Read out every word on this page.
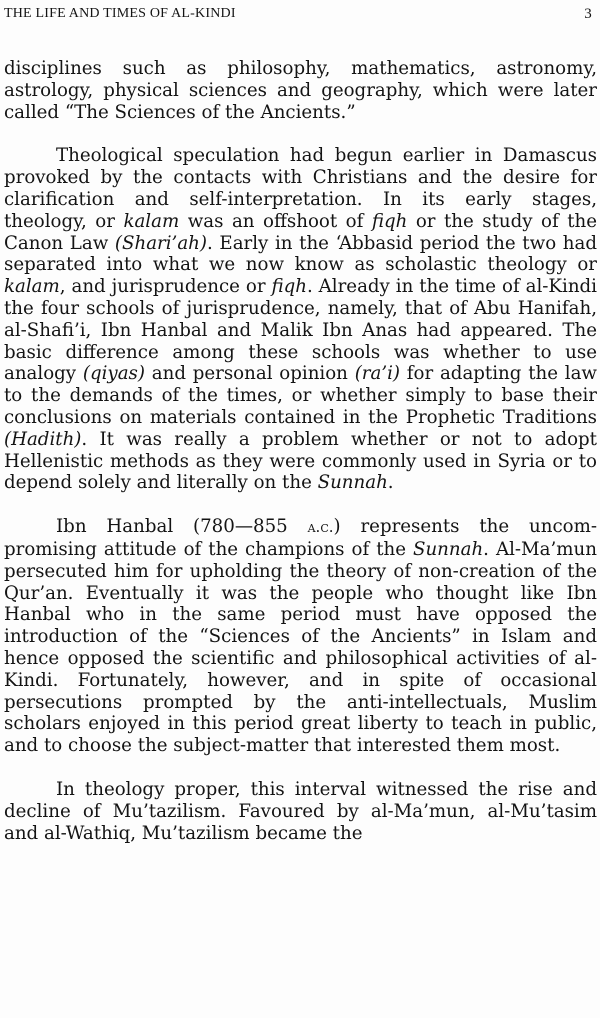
THE LIFE AND TIMES OF AL-KINDI	3

disciplines such as philosophy, mathematics, astronomy, astrology, physical sciences and geography, which were later called “The Sciences of the Ancients.”

Theological speculation had begun earlier in Damascus provoked by the contacts with Christians and the desire for clarification and self-interpretation. In its early stages, theology, or kalam was an offshoot of fiqh or the study of the Canon Law (Shari’ah). Early in the ‘Abbasid period the two had separated into what we now know as scholastic theology or kalam, and jurisprudence or fiqh. Already in the time of al-Kindi the four schools of jurisprudence, namely, that of Abu Hanifah, al-Shafi’i, Ibn Hanbal and Malik Ibn Anas had appeared. The basic difference among these schools was whether to use analogy (qiyas) and personal opinion (ra’i) for adapting the law to the demands of the times, or whether simply to base their conclusions on materials contained in the Prophetic Traditions (Hadith). It was really a problem whether or not to adopt Hellenistic methods as they were commonly used in Syria or to depend solely and literally on the Sunnah.

Ibn Hanbal (780—855 a.c.) represents the uncompromising attitude of the champions of the Sunnah. Al-Ma’mun persecuted him for upholding the theory of non-creation of the Qur’an. Eventually it was the people who thought like Ibn Hanbal who in the same period must have opposed the introduction of the “Sciences of the Ancients” in Islam and hence opposed the scientific and philosophical activities of al-Kindi. Fortunately, however, and in spite of occasional persecutions prompted by the anti-intellectuals, Muslim scholars enjoyed in this period great liberty to teach in public, and to choose the subject-matter that interested them most.

In theology proper, this interval witnessed the rise and decline of Mu’tazilism. Favoured by al-Ma’mun, al-Mu’tasim and al-Wathiq, Mu’tazilism became the
